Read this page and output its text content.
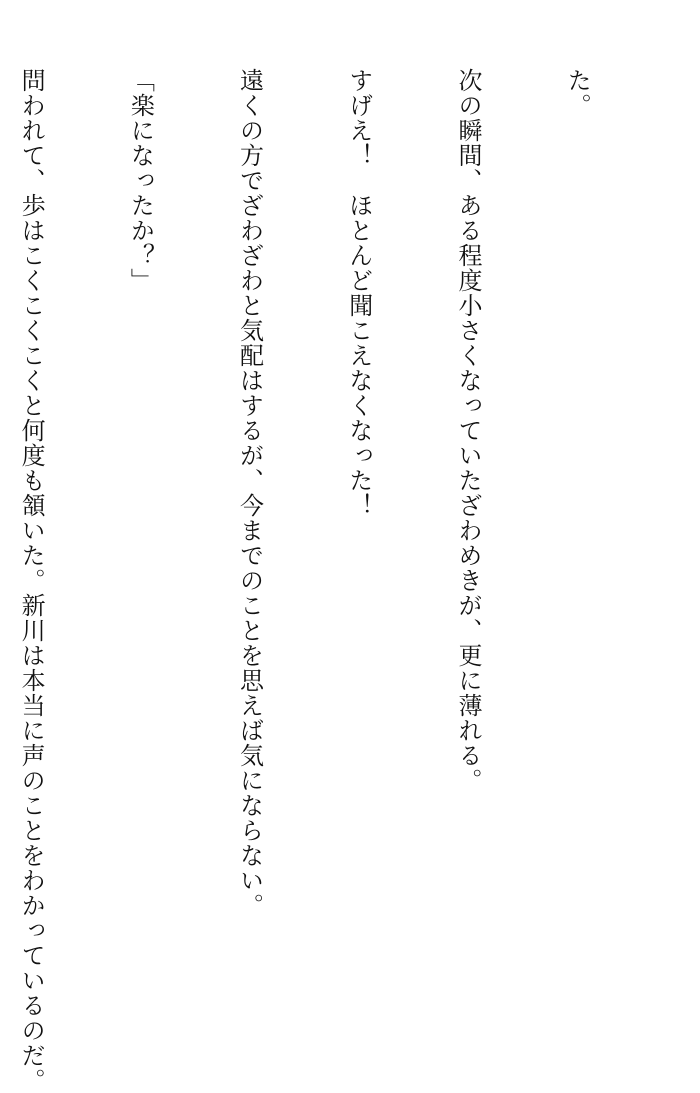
た。

次の瞬間、ある程度小さくなっていたざわめきが、更に薄れる。

すげえ！　ほとんど聞こえなくなった！

遠くの方でざわざわと気配はするが、今までのことを思えば気にならない。

「楽になったか？」

問われて、歩はこくこくこくと何度も頷いた。新川は本当に声のことをわかっているのだ。
